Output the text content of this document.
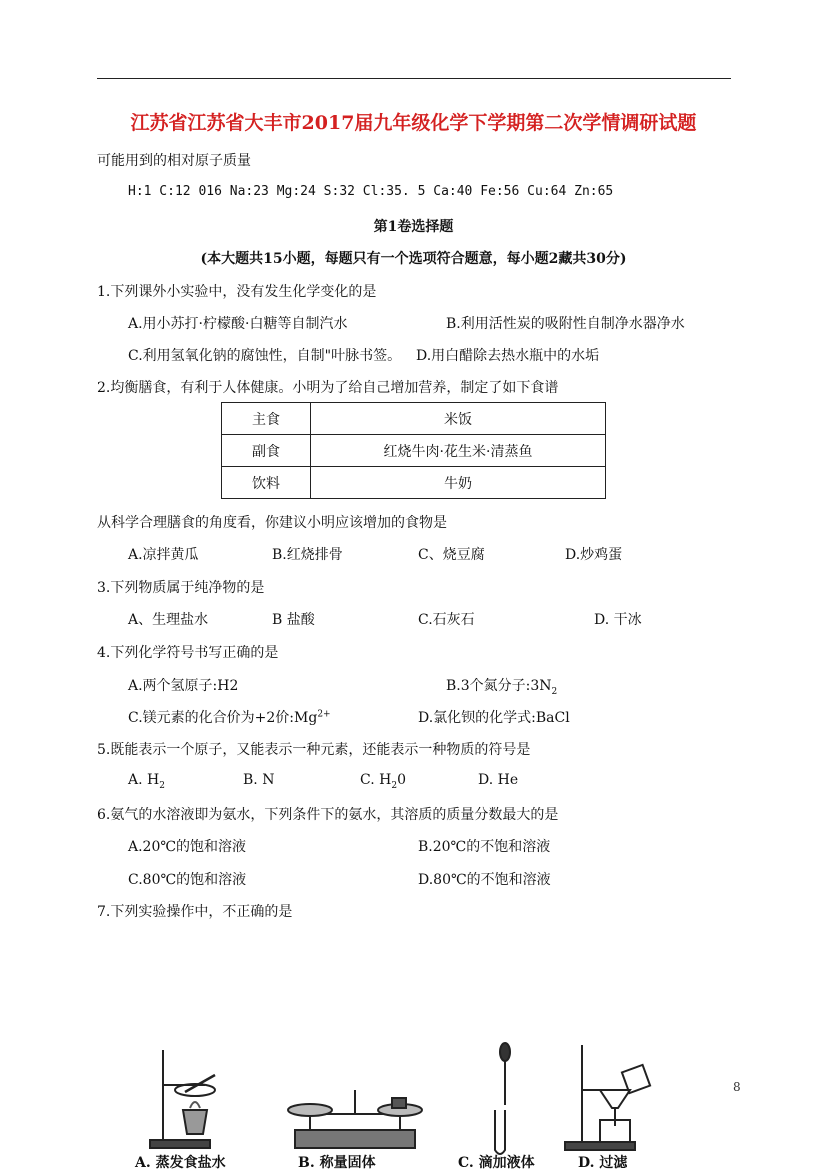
江苏省江苏省大丰市2017届九年级化学下学期第二次学情调研试题
可能用到的相对原子质量
H:1 C:12 016 Na:23 Mg:24 S:32 Cl:35. 5 Ca:40 Fe:56 Cu:64 Zn:65
第1卷选择题
(本大题共15小题，每题只有一个选项符合题意，每小题2藏共30分)
1.下列课外小实验中，没有发生化学变化的是
A.用小苏打·柠檬酸·白糖等自制汽水	B.利用活性炭的吸附性自制净水器净水
C.利用氢氧化钠的腐蚀性，自制"叶脉书签。 D.用白醋除去热水瓶中的水垢
2.均衡膳食，有利于人体健康。小明为了给自己增加营养，制定了如下食谱
主食	米饭
副食	红烧牛肉·花生米·清蒸鱼
饮料	牛奶
从科学合理膳食的角度看，你建议小明应该增加的食物是
A.凉拌黄瓜	B.红烧排骨	C、烧豆腐	D.炒鸡蛋
3.下列物质属于纯净物的是
A、生理盐水	B 盐酸	C.石灰石	D. 干冰
4.下列化学符号书写正确的是
A.两个氢原子:H2	B.3个氮分子$:3N_2$
C.镁元素的化合价为+2价$:Mg^{2+}$	D.氯化钡的化学式:BaCl
5.既能表示一个原子，又能表示一种元素，还能表示一种物质的符号是
A. $H_2$	B. N	C. $H_20$	D. He
6.氨气的水溶液即为氨水，下列条件下的氨水，其溶质的质量分数最大的是
A.20℃的饱和溶液	B.20℃的不饱和溶液
C.80℃的饱和溶液	D.80℃的不饱和溶液
7.下列实验操作中，不正确的是
8
A. 蒸发食盐水	B. 称量固体	C. 滴加液体	D. 过滤
